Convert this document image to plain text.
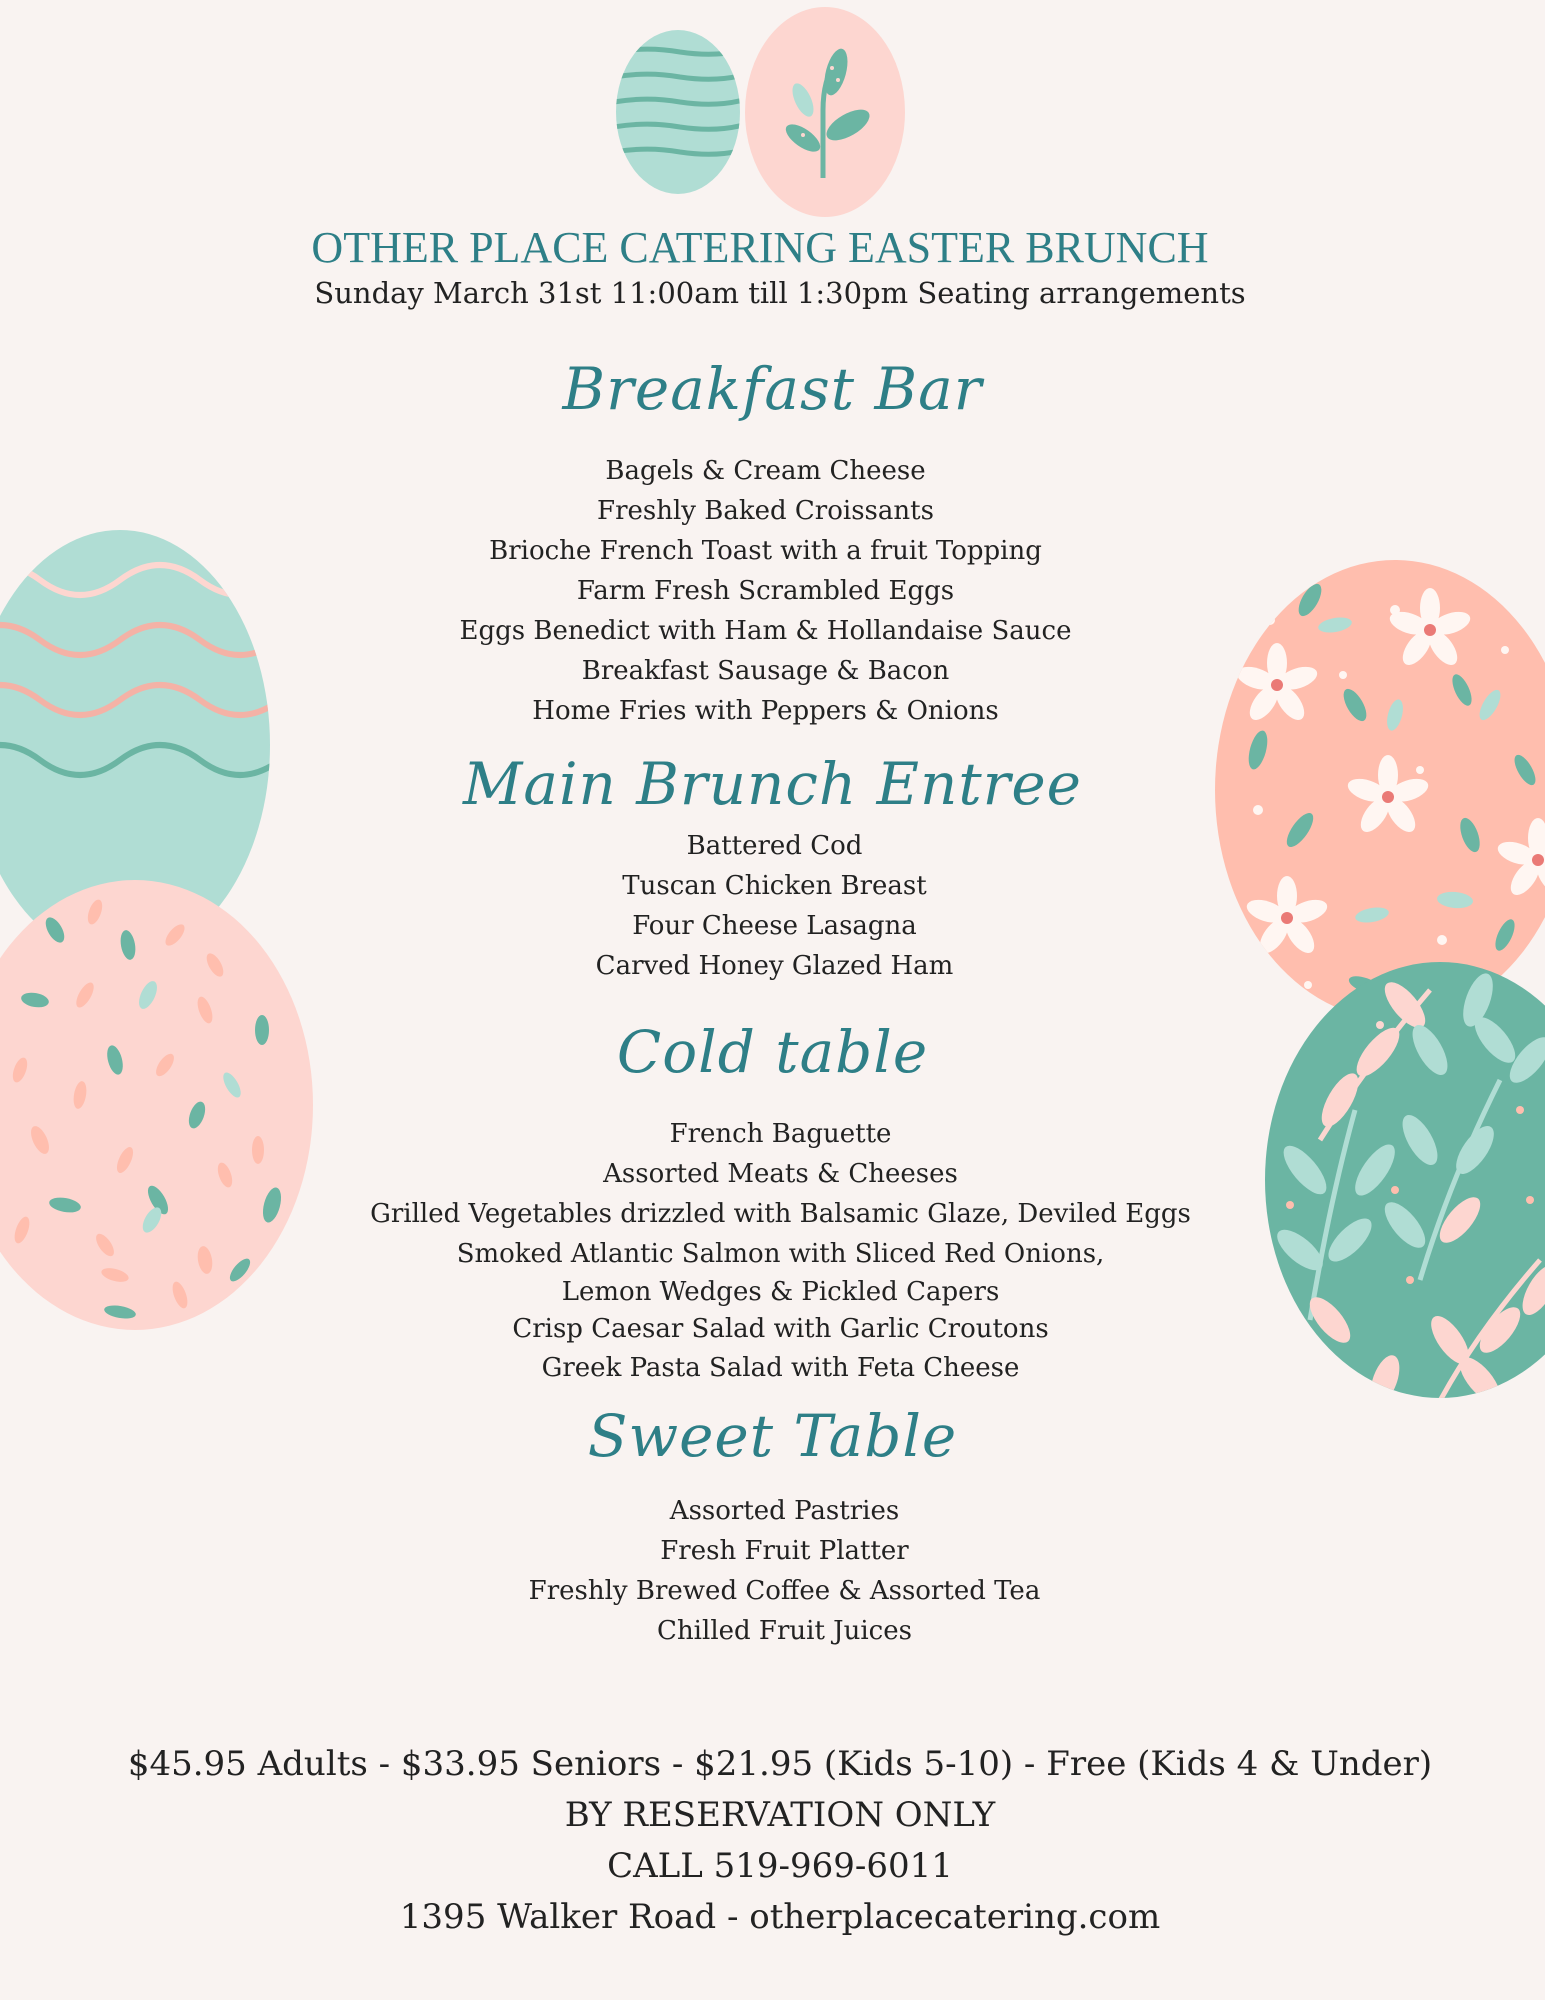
OTHER PLACE CATERING EASTER BRUNCH
Sunday March 31st 11:00am till 1:30pm Seating arrangements
Breakfast Bar
Bagels & Cream Cheese
Freshly Baked Croissants
Brioche French Toast with a fruit Topping
Farm Fresh Scrambled Eggs
Eggs Benedict with Ham & Hollandaise Sauce
Breakfast Sausage & Bacon
Home Fries with Peppers & Onions
Main Brunch Entree
Battered Cod
Tuscan Chicken Breast
Four Cheese Lasagna
Carved Honey Glazed Ham
Cold table
French Baguette
Assorted Meats & Cheeses
Grilled Vegetables drizzled with Balsamic Glaze, Deviled Eggs
Smoked Atlantic Salmon with Sliced Red Onions,
Lemon Wedges & Pickled Capers
Crisp Caesar Salad with Garlic Croutons
Greek Pasta Salad with Feta Cheese
Sweet Table
Assorted Pastries
Fresh Fruit Platter
Freshly Brewed Coffee & Assorted Tea
Chilled Fruit Juices
$45.95 Adults - $33.95 Seniors - $21.95 (Kids 5-10) - Free (Kids 4 & Under)
BY RESERVATION ONLY
CALL 519-969-6011
1395 Walker Road - otherplacecatering.com
